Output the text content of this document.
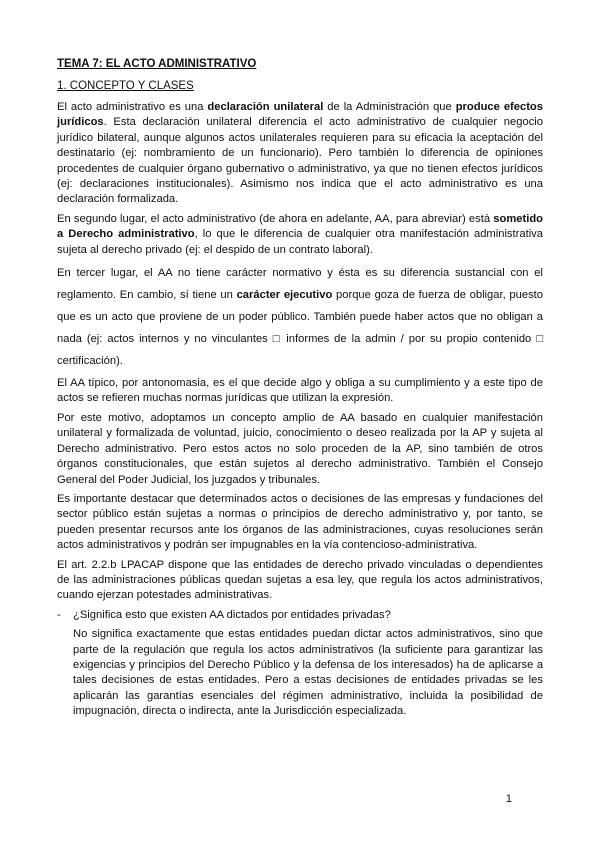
TEMA 7: EL ACTO ADMINISTRATIVO
1. CONCEPTO Y CLASES

El acto administrativo es una declaración unilateral de la Administración que produce efectos jurídicos. Esta declaración unilateral diferencia el acto administrativo de cualquier negocio jurídico bilateral, aunque algunos actos unilaterales requieren para su eficacia la aceptación del destinatario (ej: nombramiento de un funcionario). Pero también lo diferencia de opiniones procedentes de cualquier órgano gubernativo o administrativo, ya que no tienen efectos jurídicos (ej: declaraciones institucionales). Asimismo nos indica que el acto administrativo es una declaración formalizada.

En segundo lugar, el acto administrativo (de ahora en adelante, AA, para abreviar) está sometido a Derecho administrativo, lo que le diferencia de cualquier otra manifestación administrativa sujeta al derecho privado (ej: el despido de un contrato laboral).

En tercer lugar, el AA no tiene carácter normativo y ésta es su diferencia sustancial con el reglamento. En cambio, sí tiene un carácter ejecutivo porque goza de fuerza de obligar, puesto que es un acto que proviene de un poder público. También puede haber actos que no obligan a nada (ej: actos internos y no vinculantes □ informes de la admin / por su propio contenido □ certificación).

El AA típico, por antonomasia, es el que decide algo y obliga a su cumplimiento y a este tipo de actos se refieren muchas normas jurídicas que utilizan la expresión.

Por este motivo, adoptamos un concepto amplio de AA basado en cualquier manifestación unilateral y formalizada de voluntad, juicio, conocimiento o deseo realizada por la AP y sujeta al Derecho administrativo. Pero estos actos no solo proceden de la AP, sino también de otros órganos constitucionales, que están sujetos al derecho administrativo. También el Consejo General del Poder Judicial, los juzgados y tribunales.

Es importante destacar que determinados actos o decisiones de las empresas y fundaciones del sector público están sujetas a normas o principios de derecho administrativo y, por tanto, se pueden presentar recursos ante los órganos de las administraciones, cuyas resoluciones serán actos administrativos y podrán ser impugnables en la vía contencioso-administrativa.

El art. 2.2.b LPACAP dispone que las entidades de derecho privado vinculadas o dependientes de las administraciones públicas quedan sujetas a esa ley, que regula los actos administrativos, cuando ejerzan potestades administrativas.

-	¿Significa esto que existen AA dictados por entidades privadas?

No significa exactamente que estas entidades puedan dictar actos administrativos, sino que parte de la regulación que regula los actos administrativos (la suficiente para garantizar las exigencias y principios del Derecho Público y la defensa de los interesados) ha de aplicarse a tales decisiones de estas entidades. Pero a estas decisiones de entidades privadas se les aplicarán las garantías esenciales del régimen administrativo, incluida la posibilidad de impugnación, directa o indirecta, ante la Jurisdicción especializada.

1
